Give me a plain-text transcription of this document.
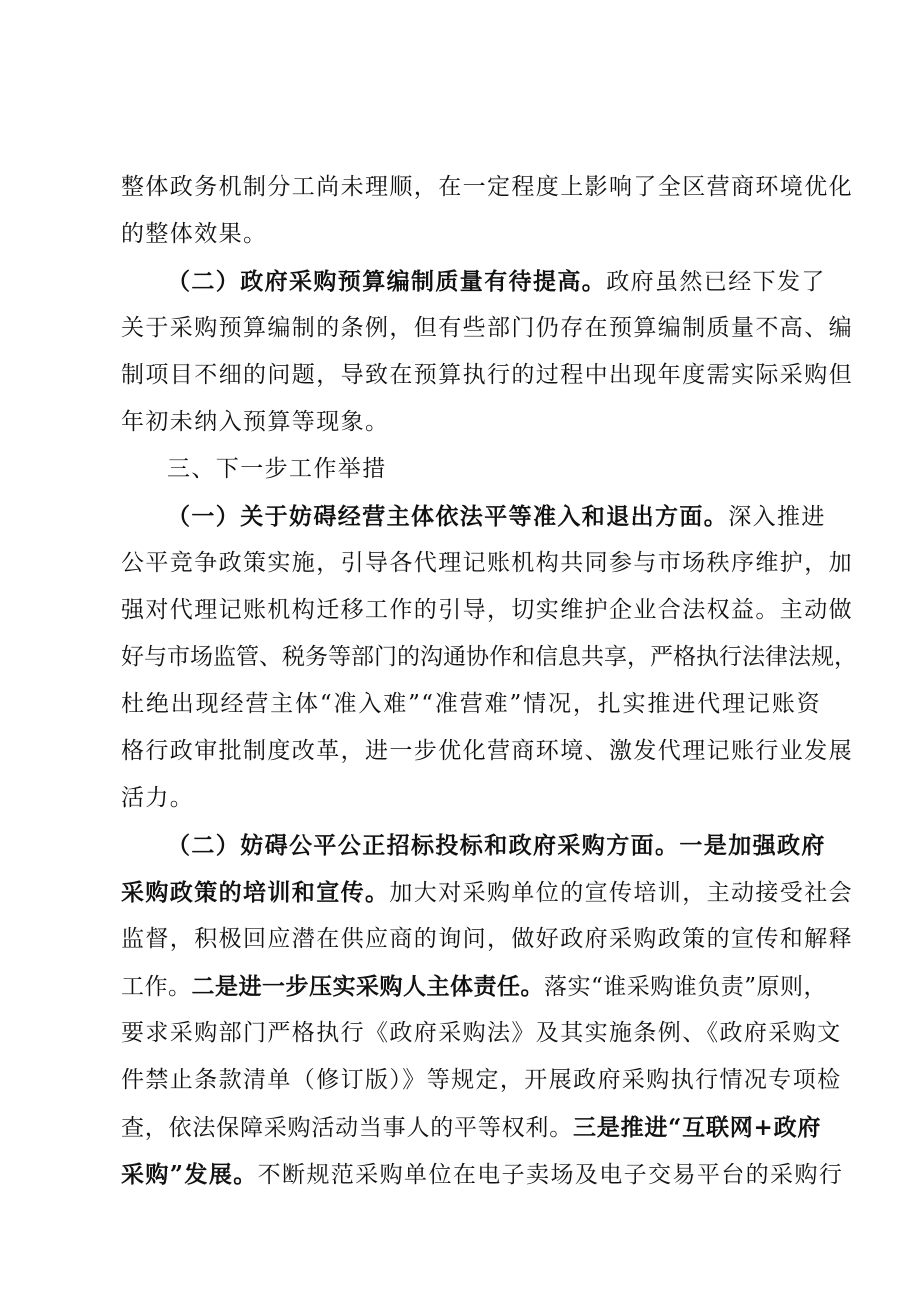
整体政务机制分工尚未理顺，在一定程度上影响了全区营商环境优化
的整体效果。
（二）政府采购预算编制质量有待提高。政府虽然已经下发了
关于采购预算编制的条例，但有些部门仍存在预算编制质量不高、编
制项目不细的问题，导致在预算执行的过程中出现年度需实际采购但
年初未纳入预算等现象。
三、下一步工作举措
（一）关于妨碍经营主体依法平等准入和退出方面。深入推进
公平竞争政策实施，引导各代理记账机构共同参与市场秩序维护，加
强对代理记账机构迁移工作的引导，切实维护企业合法权益。主动做
好与市场监管、税务等部门的沟通协作和信息共享，严格执行法律法规，
杜绝出现经营主体“准入难”“准营难”情况，扎实推进代理记账资
格行政审批制度改革，进一步优化营商环境、激发代理记账行业发展
活力。
（二）妨碍公平公正招标投标和政府采购方面。一是加强政府
采购政策的培训和宣传。加大对采购单位的宣传培训，主动接受社会
监督，积极回应潜在供应商的询问，做好政府采购政策的宣传和解释
工作。二是进一步压实采购人主体责任。落实“谁采购谁负责”原则，
要求采购部门严格执行《政府采购法》及其实施条例、《政府采购文
件禁止条款清单（修订版）》等规定，开展政府采购执行情况专项检
查，依法保障采购活动当事人的平等权利。三是推进“互联网+政府
采购”发展。不断规范采购单位在电子卖场及电子交易平台的采购行
